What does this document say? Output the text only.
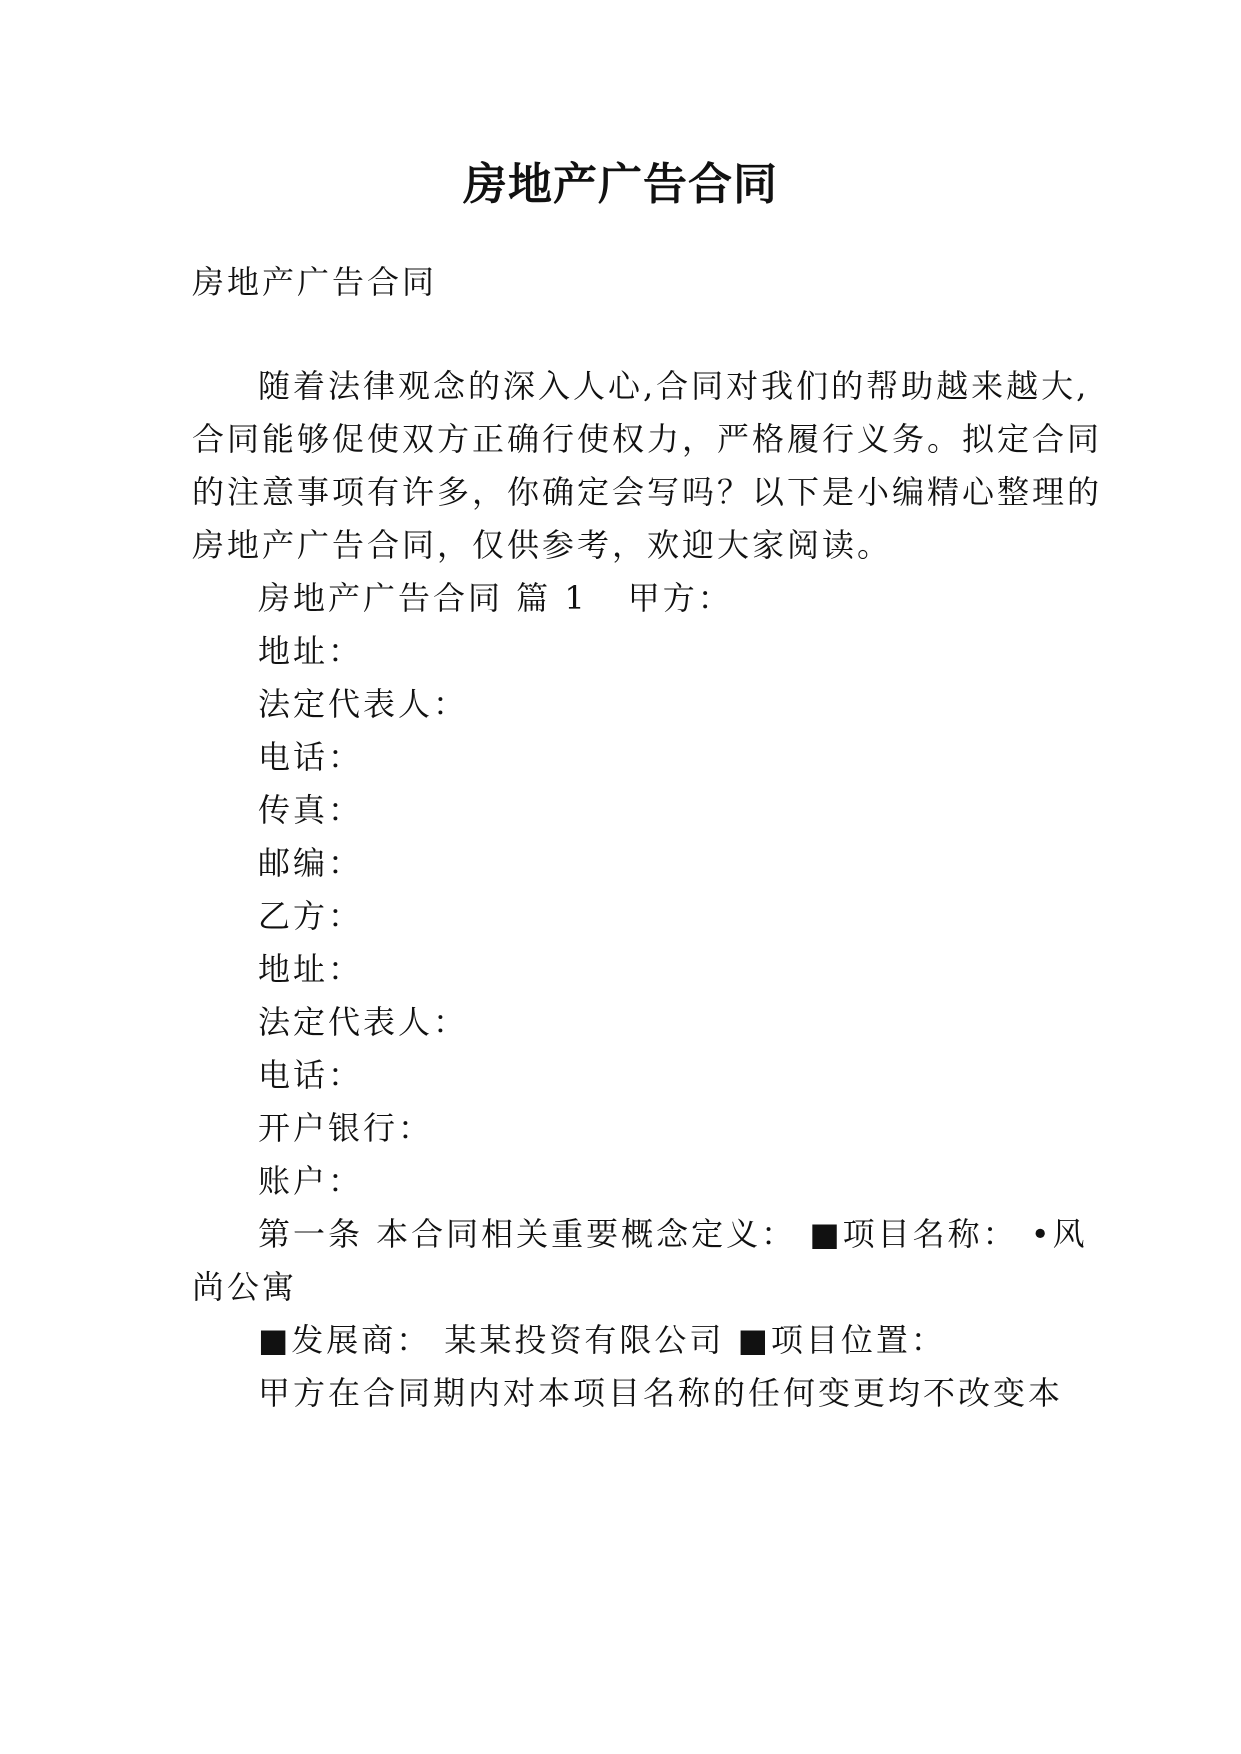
房地产广告合同
房地产广告合同
随着法律观念的深入人心,合同对我们的帮助越来越大,
合同能够促使双方正确行使权力，严格履行义务。拟定合同
的注意事项有许多，你确定会写吗？以下是小编精心整理的
房地产广告合同，仅供参考，欢迎大家阅读。
房地产广告合同 篇 1 甲方：
地址：
法定代表人：
电话：
传真：
邮编：
乙方：
地址：
法定代表人：
电话：
开户银行：
账户：
第一条 本合同相关重要概念定义： ■项目名称： •风
尚公寓
■发展商： 某某投资有限公司 ■项目位置：
甲方在合同期内对本项目名称的任何变更均不改变本
